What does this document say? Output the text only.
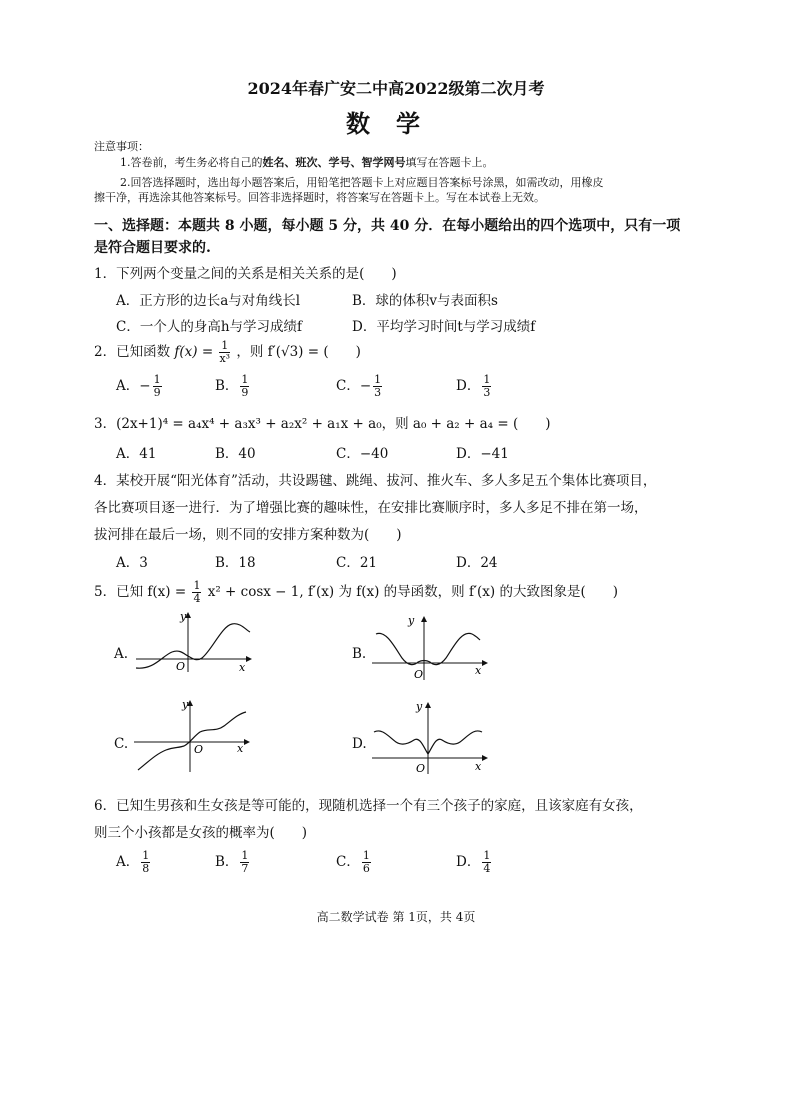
2024年春广安二中高2022级第二次月考
数学
注意事项：
1.答卷前，考生务必将自己的姓名、班次、学号、智学网号填写在答题卡上。
2.回答选择题时，选出每小题答案后，用铅笔把答题卡上对应题目答案标号涂黑，如需改动，用橡皮
擦干净，再选涂其他答案标号。回答非选择题时，将答案写在答题卡上。写在本试卷上无效。
一、选择题：本题共 8 小题，每小题 5 分，共 40 分．在每小题给出的四个选项中，只有一项
是符合题目要求的.
1．下列两个变量之间的关系是相关关系的是(　　)
A．正方形的边长a与对角线长l	B．球的体积v与表面积s
C．一个人的身高h与学习成绩f	D．平均学习时间t与学习成绩f
2．已知函数 $f(x) = \frac{1}{\text{x³}}$ ，则 f′(√3) = (　　)
A．− $\frac{1}{9}$	B． $\frac{1}{9}$	C．− $\frac{1}{3}$	D． $\frac{1}{3}$
3．(2x+1)⁴ = a₄x⁴ + a₃x³ + a₂x² + a₁x + a₀，则 a₀ + a₂ + a₄ = (　　)
A．41	B．40	C．−40	D．−41
4．某校开展“阳光体育”活动，共设踢毽、跳绳、拔河、推火车、多人多足五个集体比赛项目，
各比赛项目逐一进行．为了增强比赛的趣味性，在安排比赛顺序时，多人多足不排在第一场，
拔河排在最后一场，则不同的安排方案种数为(　　)
A．3	B．18	C．21	D．24
5．已知 $f(x) = \frac{1}{4} x^2 + \cos x - 1$, f′(x) 为 f(x) 的导函数，则 f′(x) 的大致图象是(　　)
A.	B.
C.	D.
y
x
O
y
x
O
y
x
O
y
x
O
6．已知生男孩和生女孩是等可能的，现随机选择一个有三个孩子的家庭，且该家庭有女孩，
则三个小孩都是女孩的概率为(　　)
A． $\frac{1}{8}$	B． $\frac{1}{7}$	C． $\frac{1}{6}$	D． $\frac{1}{4}$
高二数学试卷 第 1页，共 4页
